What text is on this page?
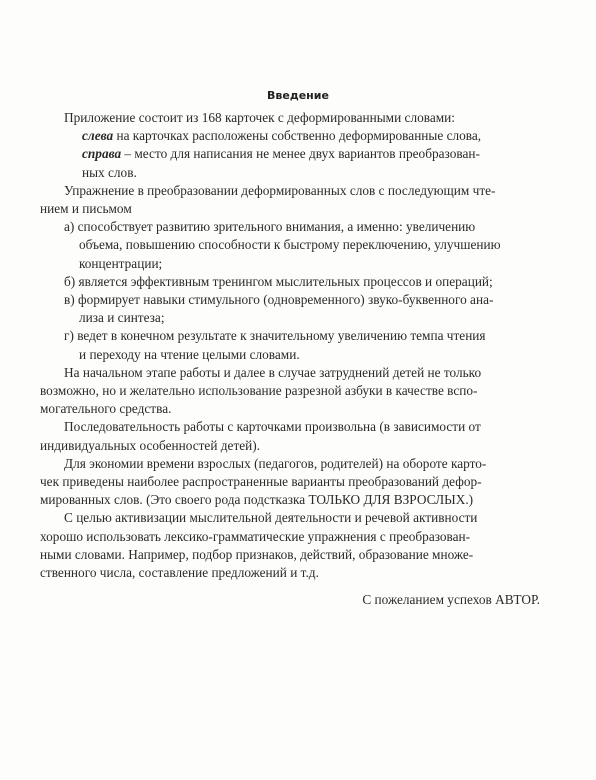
Введение
Приложение состоит из 168 карточек с деформированными словами:
слева на карточках расположены собственно деформированные слова,
справа – место для написания не менее двух вариантов преобразован-
ных слов.
Упражнение в преобразовании деформированных слов с последующим чте-
нием и письмом
а) способствует развитию зрительного внимания, а именно: увеличению
объема, повышению способности к быстрому переключению, улучшению
концентрации;
б) является эффективным тренингом мыслительных процессов и операций;
в) формирует навыки стимульного (одновременного) звуко-буквенного ана-
лиза и синтеза;
г) ведет в конечном результате к значительному увеличению темпа чтения
и переходу на чтение целыми словами.
На начальном этапе работы и далее в случае затруднений детей не только
возможно, но и желательно использование разрезной азбуки в качестве вспо-
могательного средства.
Последовательность работы с карточками произвольна (в зависимости от
индивидуальных особенностей детей).
Для экономии времени взрослых (педагогов, родителей) на обороте карто-
чек приведены наиболее распространенные варианты преобразований дефор-
мированных слов. (Это своего рода подстказка ТОЛЬКО ДЛЯ ВЗРОСЛЫХ.)
С целью активизации мыслительной деятельности и речевой активности
хорошо использовать лексико-грамматические упражнения с преобразован-
ными словами. Например, подбор признаков, действий, образование множе-
ственного числа, составление предложений и т.д.
С пожеланием успехов АВТОР.
